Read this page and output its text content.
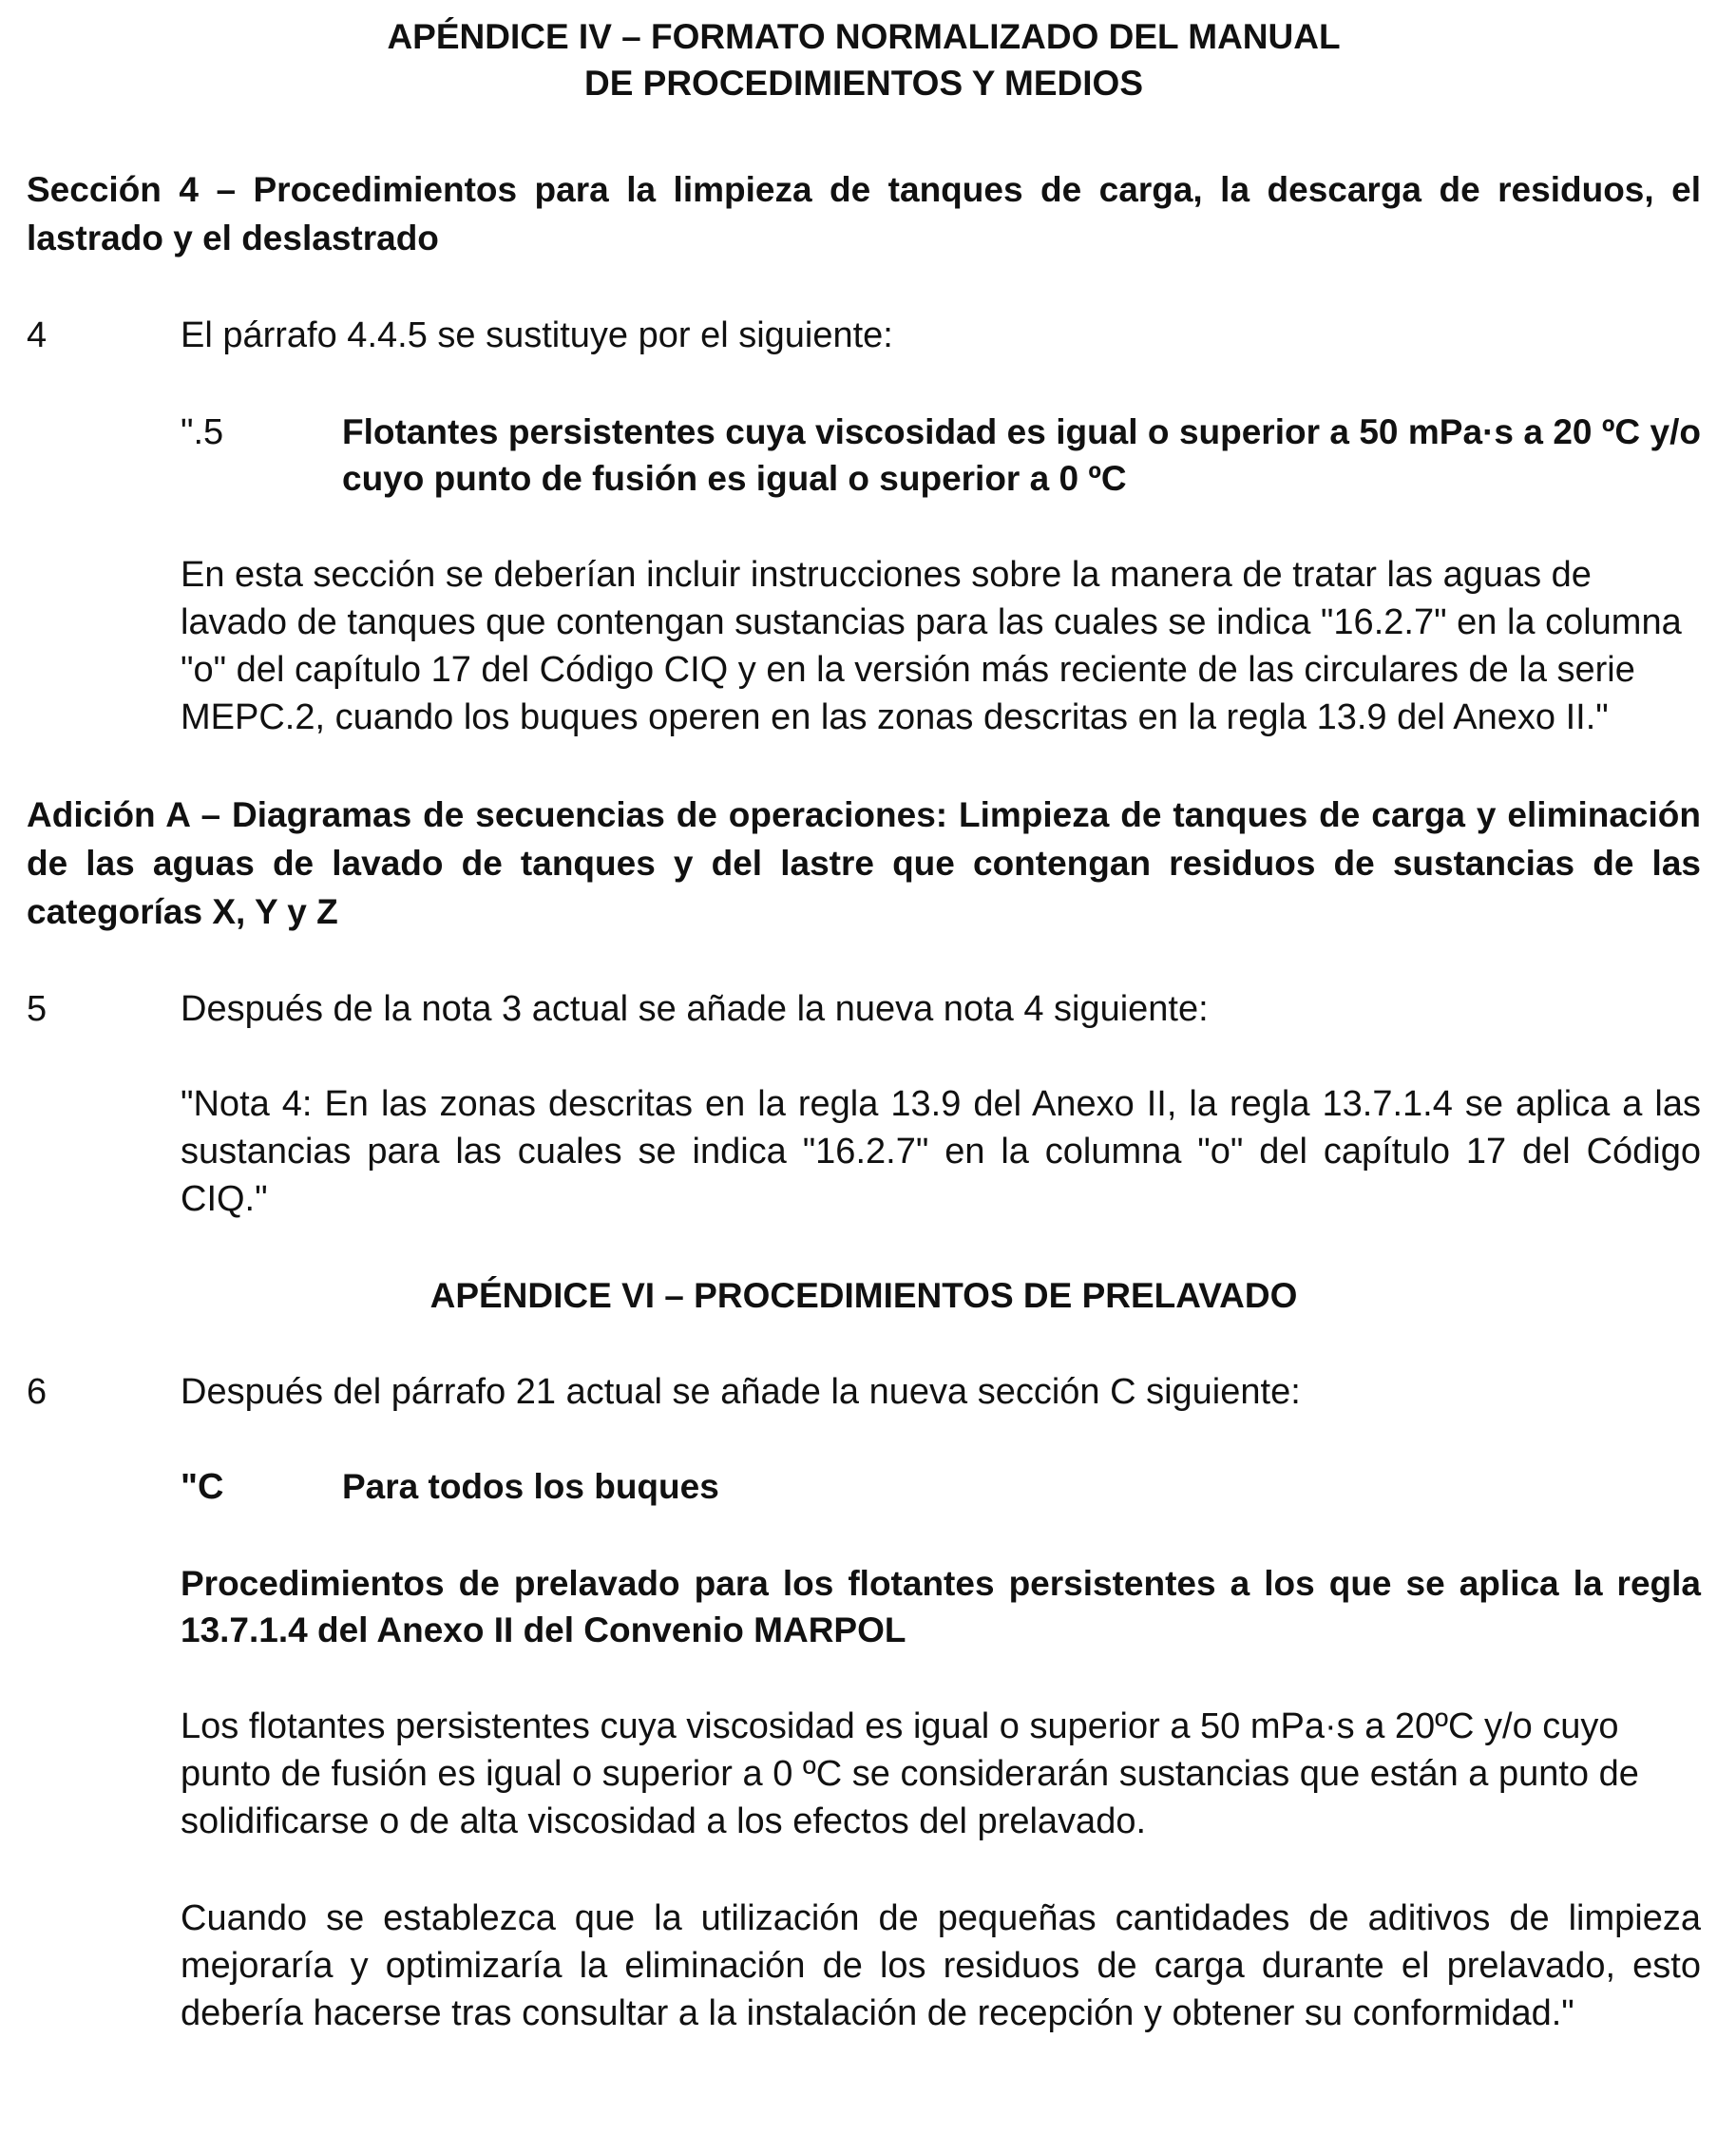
APÉNDICE IV – FORMATO NORMALIZADO DEL MANUAL
DE PROCEDIMIENTOS Y MEDIOS

Sección 4 – Procedimientos para la limpieza de tanques de carga, la descarga de residuos, el lastrado y el deslastrado

4	El párrafo 4.4.5 se sustituye por el siguiente:
".5	Flotantes persistentes cuya viscosidad es igual o superior a 50 mPa·s a 20 ºC y/o cuyo punto de fusión es igual o superior a 0 ºC

En esta sección se deberían incluir instrucciones sobre la manera de tratar las aguas de lavado de tanques que contengan sustancias para las cuales se indica "16.2.7" en la columna "o" del capítulo 17 del Código CIQ y en la versión más reciente de las circulares de la serie MEPC.2, cuando los buques operen en las zonas descritas en la regla 13.9 del Anexo II."

Adición A – Diagramas de secuencias de operaciones: Limpieza de tanques de carga y eliminación de las aguas de lavado de tanques y del lastre que contengan residuos de sustancias de las categorías X, Y y Z

5	Después de la nota 3 actual se añade la nueva nota 4 siguiente:

"Nota 4: En las zonas descritas en la regla 13.9 del Anexo II, la regla 13.7.1.4 se aplica a las sustancias para las cuales se indica "16.2.7" en la columna "o" del capítulo 17 del Código CIQ."

APÉNDICE VI – PROCEDIMIENTOS DE PRELAVADO

6	Después del párrafo 21 actual se añade la nueva sección C siguiente:
"C	Para todos los buques

Procedimientos de prelavado para los flotantes persistentes a los que se aplica la regla 13.7.1.4 del Anexo II del Convenio MARPOL

Los flotantes persistentes cuya viscosidad es igual o superior a 50 mPa·s a 20ºC y/o cuyo punto de fusión es igual o superior a 0 ºC se considerarán sustancias que están a punto de solidificarse o de alta viscosidad a los efectos del prelavado.

Cuando se establezca que la utilización de pequeñas cantidades de aditivos de limpieza mejoraría y optimizaría la eliminación de los residuos de carga durante el prelavado, esto debería hacerse tras consultar a la instalación de recepción y obtener su conformidad."
